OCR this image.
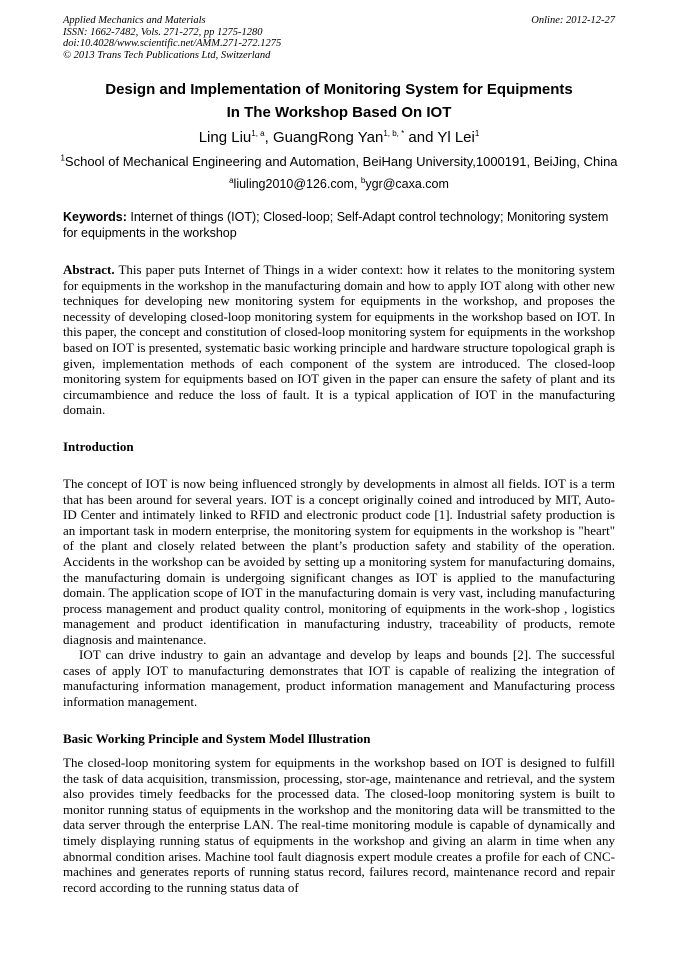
Applied Mechanics and Materials
ISSN: 1662-7482, Vols. 271-272, pp 1275-1280
doi:10.4028/www.scientific.net/AMM.271-272.1275
© 2013 Trans Tech Publications Ltd, Switzerland
Online: 2012-12-27
Design and Implementation of Monitoring System for Equipments
In The Workshop Based On IOT
Ling Liu$^{1, a}$, GuangRong Yan$^{1, b, *}$ and Yl Lei$^1$
$^1$School of Mechanical Engineering and Automation, BeiHang University,1000191, BeiJing, China
$^a$liuling2010@126.com, $^b$ygr@caxa.com
Keywords: Internet of things (IOT); Closed-loop; Self-Adapt control technology; Monitoring system for equipments in the workshop
Abstract. This paper puts Internet of Things in a wider context: how it relates to the monitoring system for equipments in the workshop in the manufacturing domain and how to apply IOT along with other new techniques for developing new monitoring system for equipments in the workshop, and proposes the necessity of developing closed-loop monitoring system for equipments in the workshop based on IOT. In this paper, the concept and constitution of closed-loop monitoring system for equipments in the workshop based on IOT is presented, systematic basic working principle and hardware structure topological graph is given, implementation methods of each component of the system are introduced. The closed-loop monitoring system for equipments based on IOT given in the paper can ensure the safety of plant and its circumambience and reduce the loss of fault. It is a typical application of IOT in the manufacturing domain.
Introduction
The concept of IOT is now being influenced strongly by developments in almost all fields. IOT is a term that has been around for several years. IOT is a concept originally coined and introduced by MIT, Auto-ID Center and intimately linked to RFID and electronic product code [1]. Industrial safety production is an important task in modern enterprise, the monitoring system for equipments in the workshop is "heart" of the plant and closely related between the plant’s production safety and stability of the operation. Accidents in the workshop can be avoided by setting up a monitoring system for manufacturing domains, the manufacturing domain is undergoing significant changes as IOT is applied to the manufacturing domain. The application scope of IOT in the manufacturing domain is very vast, including manufacturing process management and product quality control, monitoring of equipments in the work-shop , logistics management and product identification in manufacturing industry, traceability of products, remote diagnosis and maintenance.
IOT can drive industry to gain an advantage and develop by leaps and bounds [2]. The successful cases of apply IOT to manufacturing demonstrates that IOT is capable of realizing the integration of manufacturing information management, product information management and Manufacturing process information management.
Basic Working Principle and System Model Illustration
The closed-loop monitoring system for equipments in the workshop based on IOT is designed to fulfill the task of data acquisition, transmission, processing, stor-age, maintenance and retrieval, and the system also provides timely feedbacks for the processed data. The closed-loop monitoring system is built to monitor running status of equipments in the workshop and the monitoring data will be transmitted to the data server through the enterprise LAN. The real-time monitoring module is capable of dynamically and timely displaying running status of equipments in the workshop and giving an alarm in time when any abnormal condition arises. Machine tool fault diagnosis expert module creates a profile for each of CNC-machines and generates reports of running status record, failures record, maintenance record and repair record according to the running status data of
